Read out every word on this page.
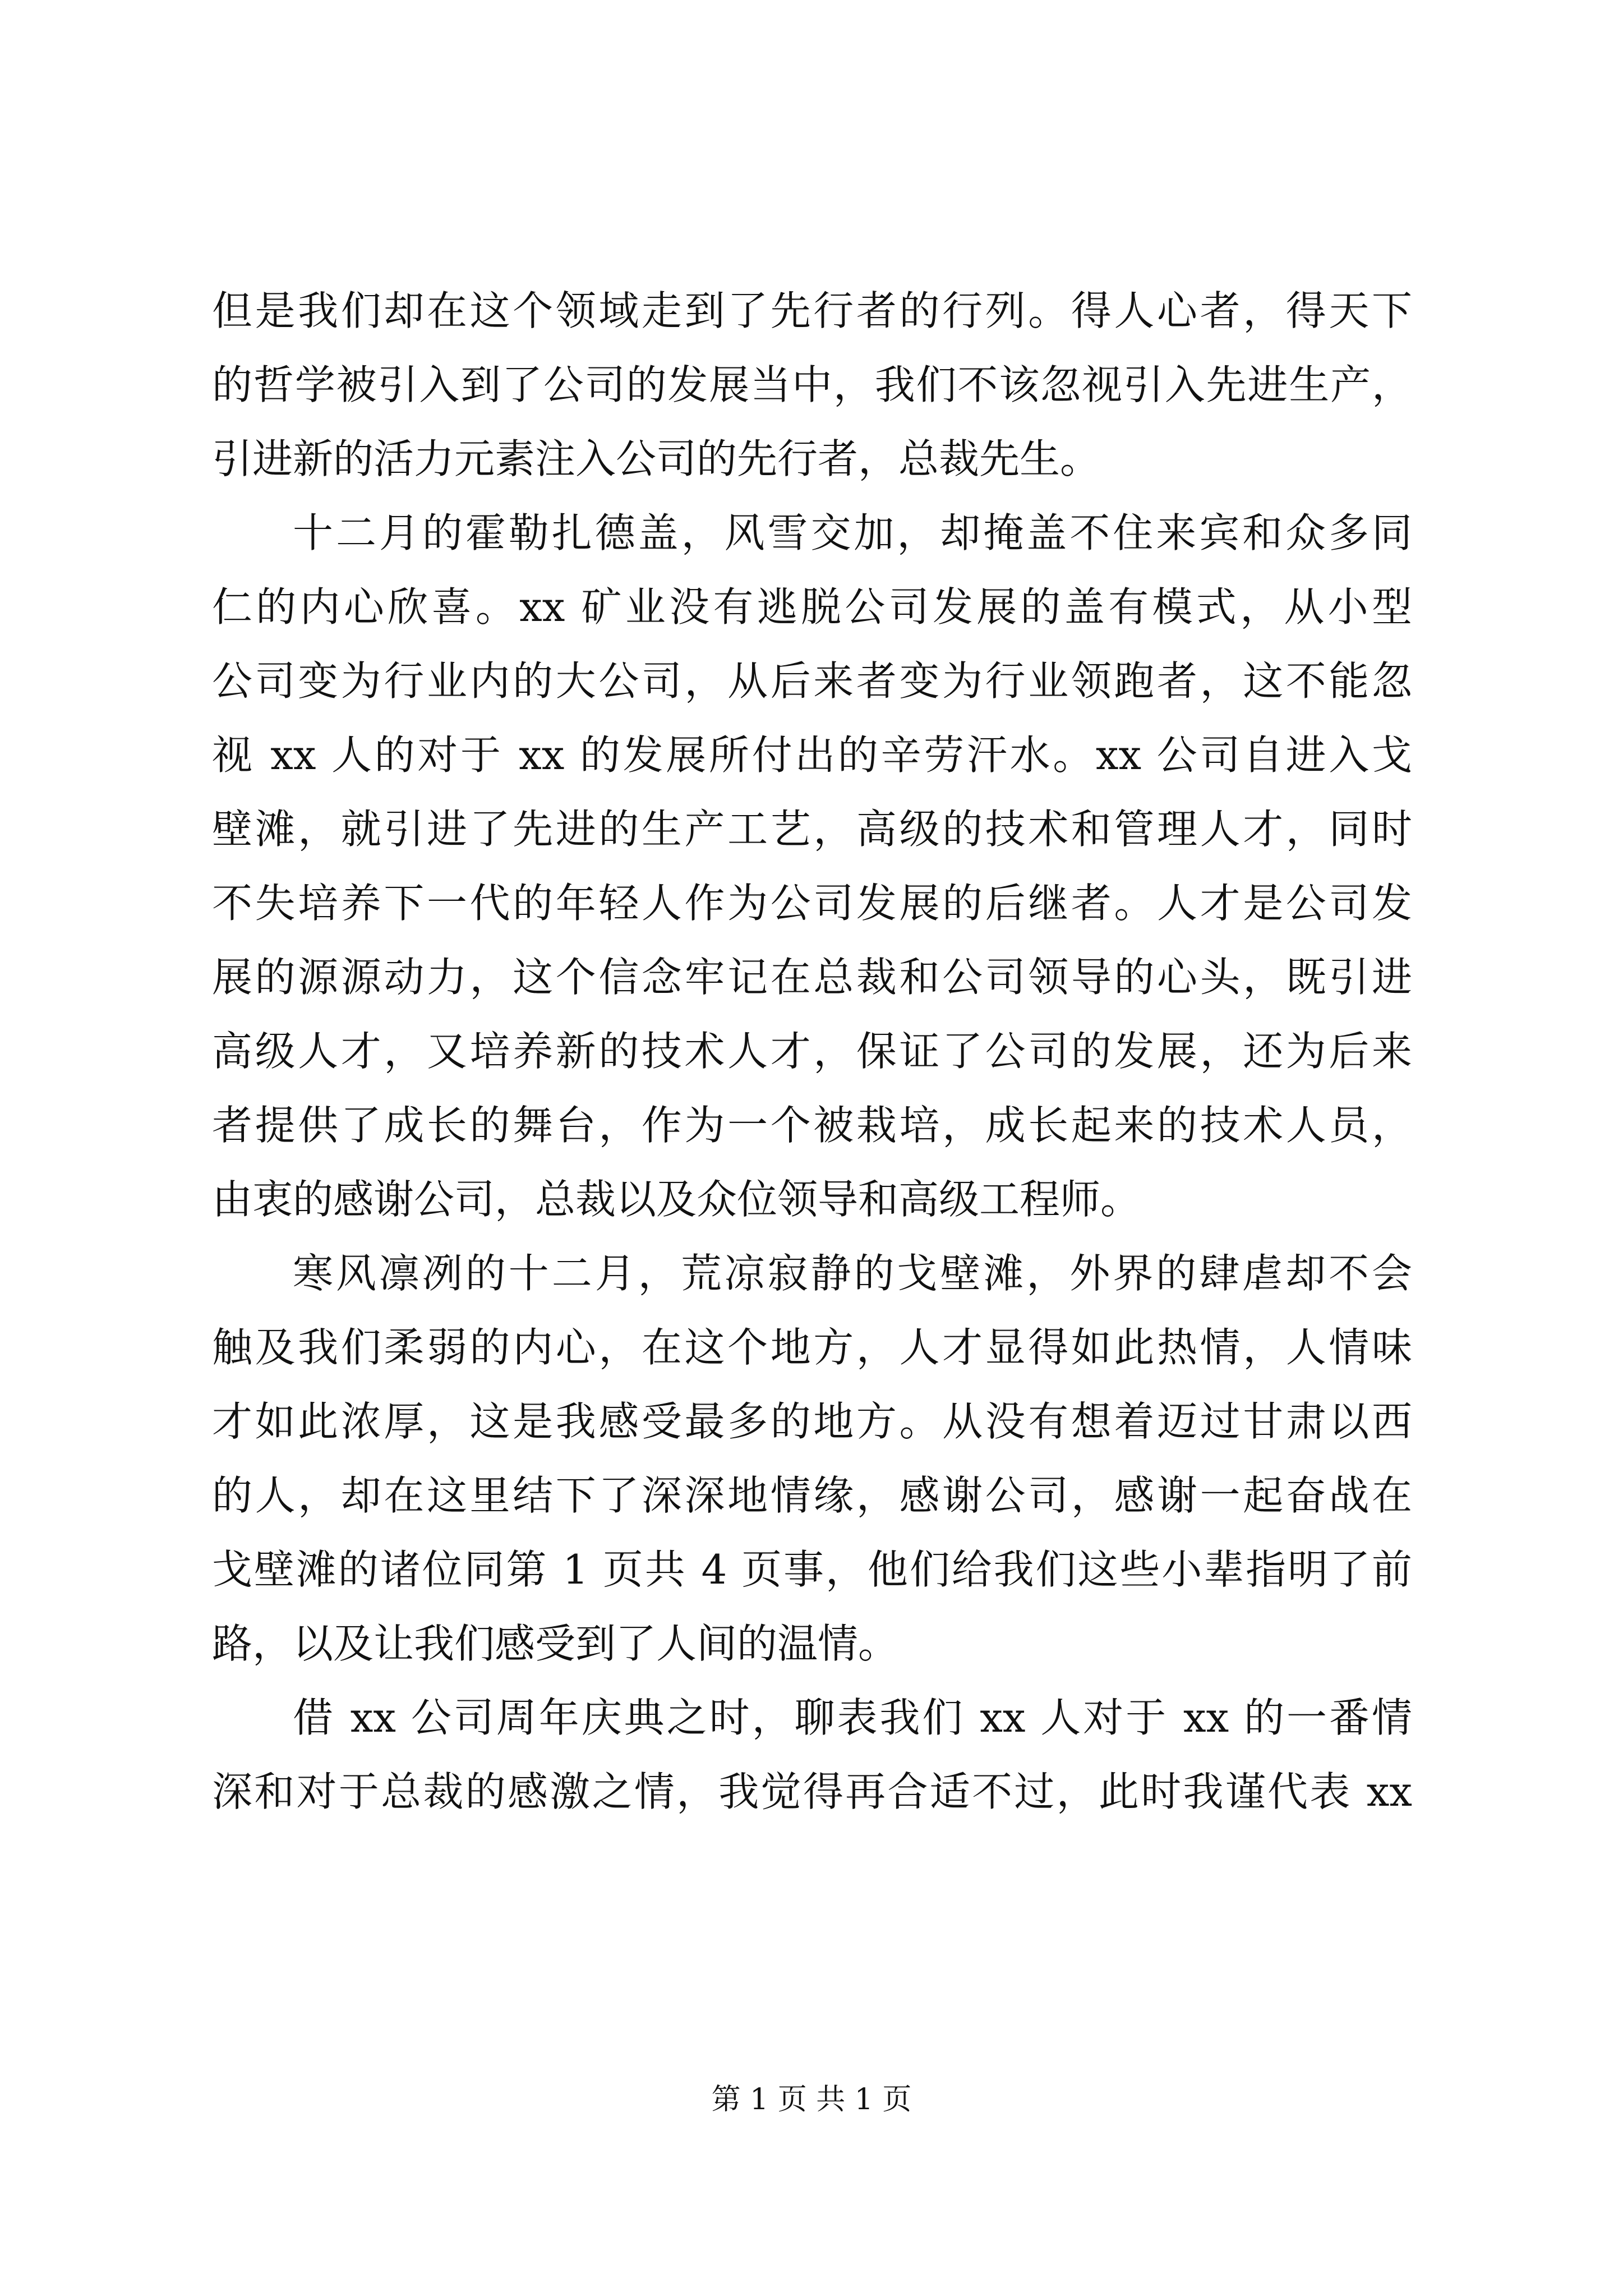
但是我们却在这个领域走到了先行者的行列。得人心者，得天下
的哲学被引入到了公司的发展当中，我们不该忽视引入先进生产，
引进新的活力元素注入公司的先行者，总裁先生。
十二月的霍勒扎德盖，风雪交加，却掩盖不住来宾和众多同
仁的内心欣喜。xx 矿业没有逃脱公司发展的盖有模式，从小型
公司变为行业内的大公司，从后来者变为行业领跑者，这不能忽
视 xx 人的对于 xx 的发展所付出的辛劳汗水。xx 公司自进入戈
壁滩，就引进了先进的生产工艺，高级的技术和管理人才，同时
不失培养下一代的年轻人作为公司发展的后继者。人才是公司发
展的源源动力，这个信念牢记在总裁和公司领导的心头，既引进
高级人才，又培养新的技术人才，保证了公司的发展，还为后来
者提供了成长的舞台，作为一个被栽培，成长起来的技术人员，
由衷的感谢公司，总裁以及众位领导和高级工程师。
寒风凛冽的十二月，荒凉寂静的戈壁滩，外界的肆虐却不会
触及我们柔弱的内心，在这个地方，人才显得如此热情，人情味
才如此浓厚，这是我感受最多的地方。从没有想着迈过甘肃以西
的人，却在这里结下了深深地情缘，感谢公司，感谢一起奋战在
戈壁滩的诸位同第 1 页共 4 页事，他们给我们这些小辈指明了前
路，以及让我们感受到了人间的温情。
借 xx 公司周年庆典之时，聊表我们 xx 人对于 xx 的一番情
深和对于总裁的感激之情，我觉得再合适不过，此时我谨代表 xx
第 1 页 共 1 页
